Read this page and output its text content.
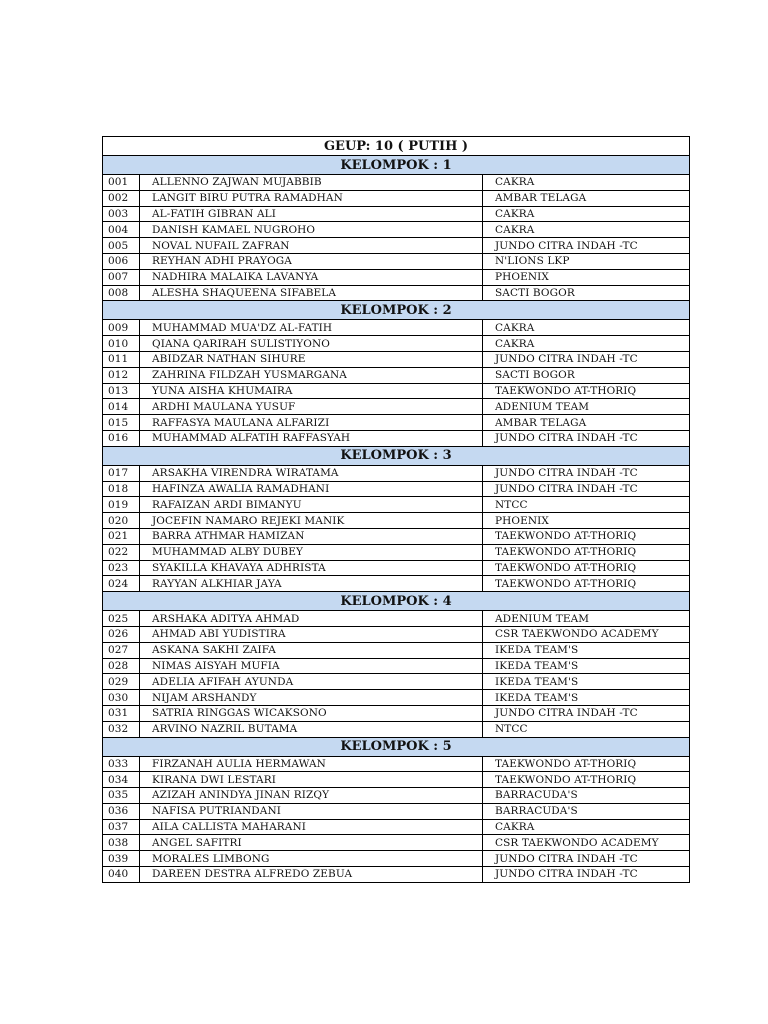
GEUP: 10 ( PUTIH )		
KELOMPOK : 1		
001	ALLENNO ZAJWAN MUJABBIB	CAKRA
002	LANGIT BIRU PUTRA RAMADHAN	AMBAR TELAGA
003	AL-FATIH GIBRAN ALI	CAKRA
004	DANISH KAMAEL NUGROHO	CAKRA
005	NOVAL NUFAIL ZAFRAN	JUNDO CITRA INDAH -TC
006	REYHAN ADHI PRAYOGA	N'LIONS LKP
007	NADHIRA MALAIKA LAVANYA	PHOENIX
008	ALESHA SHAQUEENA SIFABELA	SACTI BOGOR
KELOMPOK : 2		
009	MUHAMMAD MUA'DZ AL-FATIH	CAKRA
010	QIANA QARIRAH SULISTIYONO	CAKRA
011	ABIDZAR NATHAN SIHURE	JUNDO CITRA INDAH -TC
012	ZAHRINA FILDZAH YUSMARGANA	SACTI BOGOR
013	YUNA AISHA KHUMAIRA	TAEKWONDO AT-THORIQ
014	ARDHI MAULANA YUSUF	ADENIUM TEAM
015	RAFFASYA MAULANA ALFARIZI	AMBAR TELAGA
016	MUHAMMAD ALFATIH RAFFASYAH	JUNDO CITRA INDAH -TC
KELOMPOK : 3		
017	ARSAKHA VIRENDRA WIRATAMA	JUNDO CITRA INDAH -TC
018	HAFINZA AWALIA RAMADHANI	JUNDO CITRA INDAH -TC
019	RAFAIZAN ARDI BIMANYU	NTCC
020	JOCEFIN NAMARO REJEKI MANIK	PHOENIX
021	BARRA ATHMAR HAMIZAN	TAEKWONDO AT-THORIQ
022	MUHAMMAD ALBY DUBEY	TAEKWONDO AT-THORIQ
023	SYAKILLA KHAVAYA ADHRISTA	TAEKWONDO AT-THORIQ
024	RAYYAN ALKHIAR JAYA	TAEKWONDO AT-THORIQ
KELOMPOK : 4		
025	ARSHAKA ADITYA AHMAD	ADENIUM TEAM
026	AHMAD ABI YUDISTIRA	CSR TAEKWONDO ACADEMY
027	ASKANA SAKHI ZAIFA	IKEDA TEAM'S
028	NIMAS AISYAH MUFIA	IKEDA TEAM'S
029	ADELIA AFIFAH AYUNDA	IKEDA TEAM'S
030	NIJAM ARSHANDY	IKEDA TEAM'S
031	SATRIA RINGGAS WICAKSONO	JUNDO CITRA INDAH -TC
032	ARVINO NAZRIL BUTAMA	NTCC
KELOMPOK : 5		
033	FIRZANAH AULIA HERMAWAN	TAEKWONDO AT-THORIQ
034	KIRANA DWI LESTARI	TAEKWONDO AT-THORIQ
035	AZIZAH ANINDYA JINAN RIZQY	BARRACUDA'S
036	NAFISA PUTRIANDANI	BARRACUDA'S
037	AILA CALLISTA MAHARANI	CAKRA
038	ANGEL SAFITRI	CSR TAEKWONDO ACADEMY
039	MORALES LIMBONG	JUNDO CITRA INDAH -TC
040	DAREEN DESTRA ALFREDO ZEBUA	JUNDO CITRA INDAH -TC
